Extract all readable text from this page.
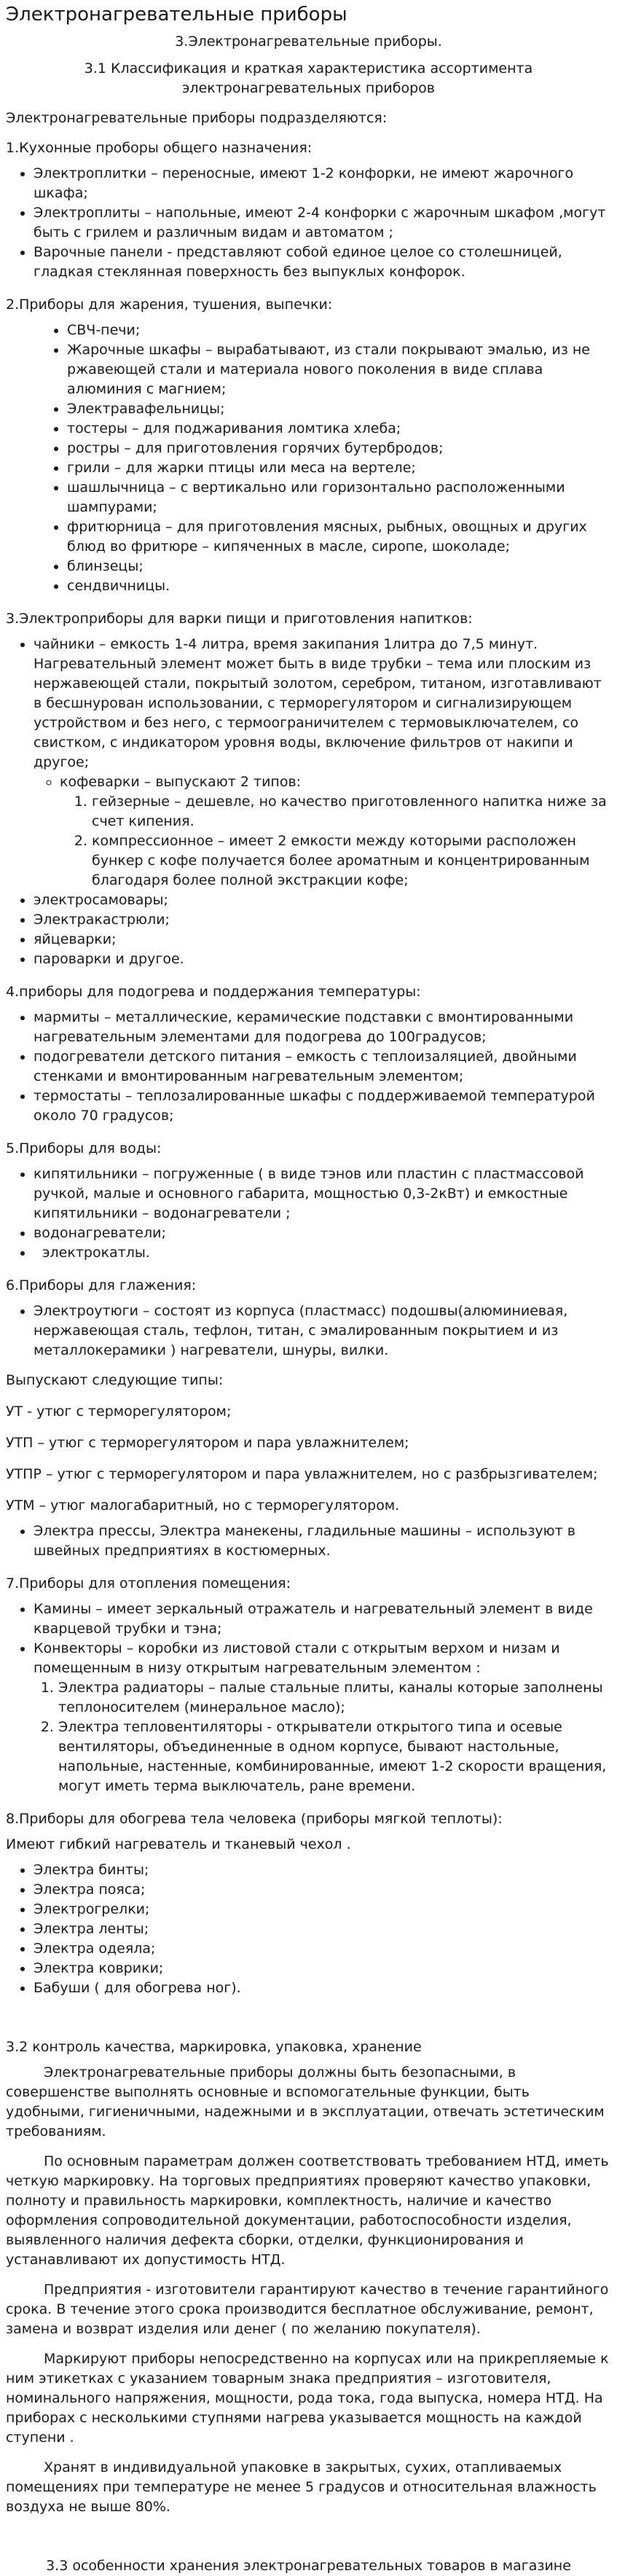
Электронагревательные приборы

3.Электронагревательные приборы.

3.1 Классификация и краткая характеристика ассортимента
электронагревательных приборов

Электронагревательные приборы подразделяются:

1.Кухонные проборы общего назначения:

• Электроплитки – переносные, имеют 1-2 конфорки, не имеют жарочного шкафа;
• Электроплиты – напольные, имеют 2-4 конфорки с жарочным шкафом ,могут быть с грилем и различным видам и автоматом ;
• Варочные панели - представляют собой единое целое со столешницей, гладкая стеклянная поверхность без выпуклых конфорок.

2.Приборы для жарения, тушения, выпечки:

• СВЧ-печи;
• Жарочные шкафы – вырабатывают, из стали покрывают эмалью, из не ржавеющей стали и материала нового поколения в виде сплава алюминия с магнием;
• Электравафельницы;
• тостеры – для поджаривания ломтика хлеба;
• ростры – для приготовления горячих бутербродов;
• грили – для жарки птицы или меса на вертеле;
• шашлычница – с вертикально или горизонтально расположенными шампурами;
• фритюрница – для приготовления мясных, рыбных, овощных и других блюд во фритюре – кипяченных в масле, сиропе, шоколаде;
• блинзецы;
• сендвичницы.

3.Электроприборы для варки пищи и приготовления напитков:

• чайники – емкость 1-4 литра, время закипания 1литра до 7,5 минут. Нагревательный элемент может быть в виде трубки – тема или плоским из нержавеющей стали, покрытый золотом, серебром, титаном, изготавливают в бесшнурован использовании, с терморегулятором и сигнализирующем устройством и без него, с термоограничителем с термовыключателем, со свистком, с индикатором уровня воды, включение фильтров от накипи и другое;
◦ кофеварки – выпускают 2 типов:
1. гейзерные – дешевле, но качество приготовленного напитка ниже за счет кипения.
2. компрессионное – имеет 2 емкости между которыми расположен бункер с кофе получается более ароматным и концентрированным благодаря более полной экстракции кофе;
• электросамовары;
• Электракастрюли;
• яйцеварки;
• пароварки и другое.

4.приборы для подогрева и поддержания температуры:

• мармиты – металлические, керамические подставки с вмонтированными нагревательным элементами для подогрева до 100градусов;
• подогреватели детского питания – емкость с теплоизаляцией, двойными стенками и вмонтированным нагревательным элементом;
• термостаты – теплозалированные шкафы с поддерживаемой температурой около 70 градусов;

5.Приборы для воды:

• кипятильники – погруженные ( в виде тэнов или пластин с пластмассовой ручкой, малые и основного габарита, мощностью 0,3-2кВт) и емкостные кипятильники – водонагреватели ;
• водонагреватели;
•   электрокатлы.

6.Приборы для глажения:

• Электроутюги – состоят из корпуса (пластмасс) подошвы(алюминиевая, нержавеющая сталь, тефлон, титан, с эмалированным покрытием и из металлокерамики ) нагреватели, шнуры, вилки.

Выпускают следующие типы:

УТ - утюг с терморегулятором;

УТП – утюг с терморегулятором и пара увлажнителем;

УТПР – утюг с терморегулятором и пара увлажнителем, но с разбрызгивателем;

УТМ – утюг малогабаритный, но с терморегулятором.

• Электра прессы, Электра манекены, гладильные машины – используют в швейных предприятиях в костюмерных.

7.Приборы для отопления помещения:

• Камины – имеет зеркальный отражатель и нагревательный элемент в виде кварцевой трубки и тэна;
• Конвекторы – коробки из листовой стали с открытым верхом и низам и помещенным в низу открытым нагревательным элементом :
1. Электра радиаторы – палые стальные плиты, каналы которые заполнены теплоносителем (минеральное масло);
2. Электра тепловентиляторы - открыватели открытого типа и осевые вентиляторы, объединенные в одном корпусе, бывают настольные, напольные, настенные, комбинированные, имеют 1-2 скорости вращения, могут иметь терма выключатель, ране времени.

8.Приборы для обогрева тела человека (приборы мягкой теплоты):

Имеют гибкий нагреватель и тканевый чехол .

• Электра бинты;
• Электра пояса;
• Электрогрелки;
• Электра ленты;
• Электра одеяла;
• Электра коврики;
• Бабуши ( для обогрева ног).

3.2 контроль качества, маркировка, упаковка, хранение

Электронагревательные приборы должны быть безопасными, в совершенстве выполнять основные и вспомогательные функции, быть удобными, гигиеничными, надежными и в эксплуатации, отвечать эстетическим требованиям.

По основным параметрам должен соответствовать требованием НТД, иметь четкую маркировку. На торговых предприятиях проверяют качество упаковки, полноту и правильность маркировки, комплектность, наличие и качество оформления сопроводительной документации, работоспособности изделия, выявленного наличия дефекта сборки, отделки, функционирования и устанавливают их допустимость НТД.

Предприятия - изготовители гарантируют качество в течение гарантийного срока. В течение этого срока производится бесплатное обслуживание, ремонт, замена и возврат изделия или денег ( по желанию покупателя).

Маркируют приборы непосредственно на корпусах или на прикрепляемые к ним этикетках с указанием товарным знака предприятия – изготовителя, номинального напряжения, мощности, рода тока, года выпуска, номера НТД. На приборах с несколькими ступнями нагрева указывается мощность на каждой ступени .

Хранят в индивидуальной упаковке в закрытых, сухих, отапливаемых помещениях при температуре не менее 5 градусов и относительная влажность воздуха не выше 80%.

3.3 особенности хранения электронагревательных товаров в магазине
